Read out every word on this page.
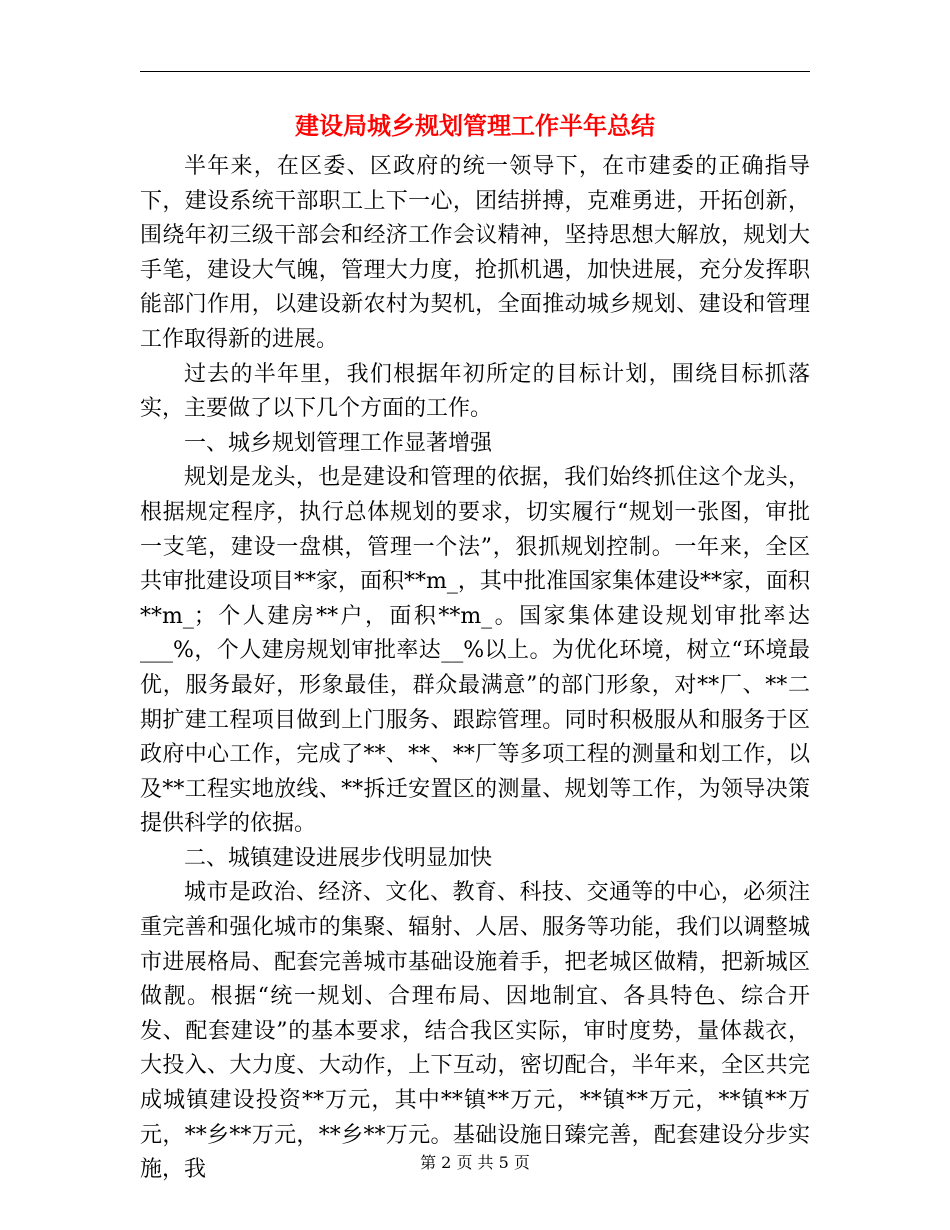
建设局城乡规划管理工作半年总结

半年来，在区委、区政府的统一领导下，在市建委的正确指导下，建设系统干部职工上下一心，团结拼搏，克难勇进，开拓创新，围绕年初三级干部会和经济工作会议精神，坚持思想大解放，规划大手笔，建设大气魄，管理大力度，抢抓机遇，加快进展，充分发挥职能部门作用，以建设新农村为契机，全面推动城乡规划、建设和管理工作取得新的进展。

过去的半年里，我们根据年初所定的目标计划，围绕目标抓落实，主要做了以下几个方面的工作。

一、城乡规划管理工作显著增强

规划是龙头，也是建设和管理的依据，我们始终抓住这个龙头，根据规定程序，执行总体规划的要求，切实履行“规划一张图，审批一支笔，建设一盘棋，管理一个法”，狠抓规划控制。一年来，全区共审批建设项目**家，面积**m_，其中批准国家集体建设**家，面积**m_；个人建房**户，面积**m_。国家集体建设规划审批率达___%，个人建房规划审批率达__%以上。为优化环境，树立“环境最优，服务最好，形象最佳，群众最满意”的部门形象，对**厂、**二期扩建工程项目做到上门服务、跟踪管理。同时积极服从和服务于区政府中心工作，完成了**、**、**厂等多项工程的测量和划工作，以及**工程实地放线、**拆迁安置区的测量、规划等工作，为领导决策提供科学的依据。

二、城镇建设进展步伐明显加快

城市是政治、经济、文化、教育、科技、交通等的中心，必须注重完善和强化城市的集聚、辐射、人居、服务等功能，我们以调整城市进展格局、配套完善城市基础设施着手，把老城区做精，把新城区做靓。根据“统一规划、合理布局、因地制宜、各具特色、综合开发、配套建设”的基本要求，结合我区实际，审时度势，量体裁衣，大投入、大力度、大动作，上下互动，密切配合，半年来，全区共完成城镇建设投资**万元，其中**镇**万元，**镇**万元，**镇**万元，**乡**万元，**乡**万元。基础设施日臻完善，配套建设分步实施，我	第 2 页 共 5 页
